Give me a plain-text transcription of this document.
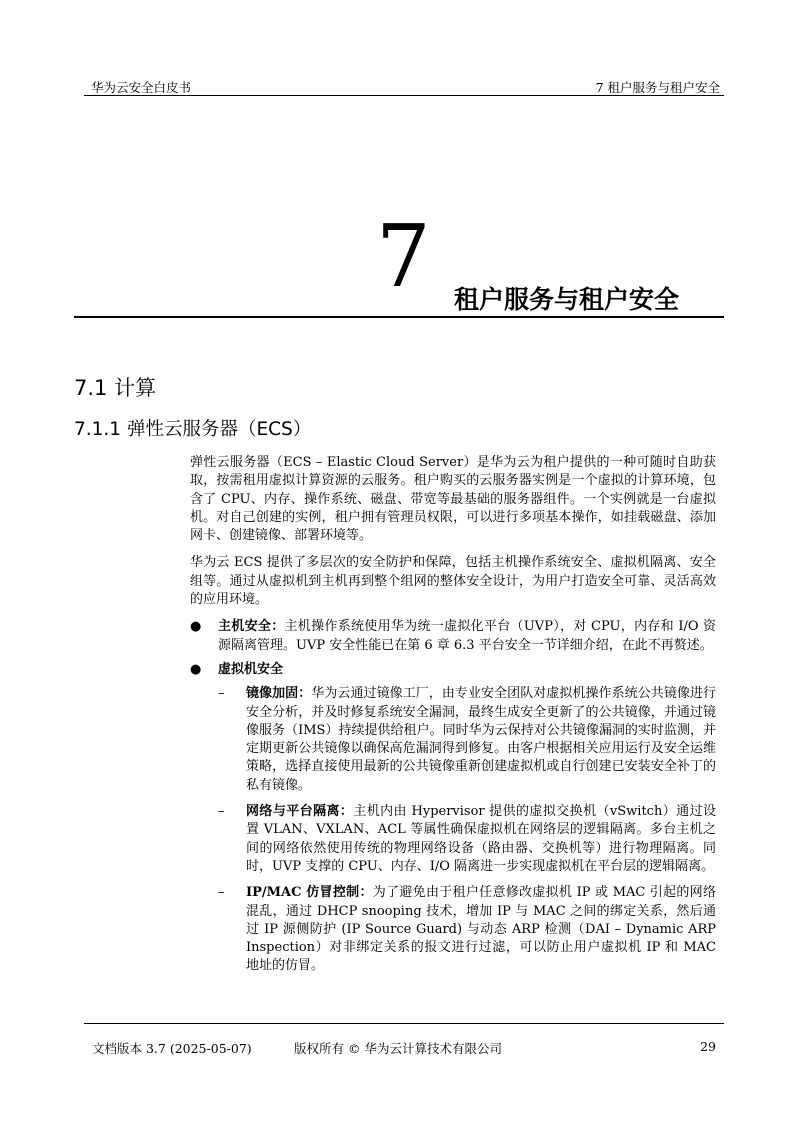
华为云安全白皮书	7 租户服务与租户安全
7 租户服务与租户安全
7.1 计算
7.1.1 弹性云服务器（ECS）

弹性云服务器（ECS – Elastic Cloud Server）是华为云为租户提供的一种可随时自助获取，按需租用虚拟计算资源的云服务。租户购买的云服务器实例是一个虚拟的计算环境，包含了 CPU、内存、操作系统、磁盘、带宽等最基础的服务器组件。一个实例就是一台虚拟机。对自己创建的实例，租户拥有管理员权限，可以进行多项基本操作，如挂载磁盘、添加网卡、创建镜像、部署环境等。

华为云 ECS 提供了多层次的安全防护和保障，包括主机操作系统安全、虚拟机隔离、安全组等。通过从虚拟机到主机再到整个组网的整体安全设计，为用户打造安全可靠、灵活高效的应用环境。

● 主机安全：主机操作系统使用华为统一虚拟化平台（UVP），对 CPU，内存和 I/O 资源隔离管理。UVP 安全性能已在第 6 章 6.3 平台安全一节详细介绍，在此不再赘述。
● 虚拟机安全
– 镜像加固：华为云通过镜像工厂，由专业安全团队对虚拟机操作系统公共镜像进行安全分析，并及时修复系统安全漏洞，最终生成安全更新了的公共镜像，并通过镜像服务（IMS）持续提供给租户。同时华为云保持对公共镜像漏洞的实时监测，并定期更新公共镜像以确保高危漏洞得到修复。由客户根据相关应用运行及安全运维策略，选择直接使用最新的公共镜像重新创建虚拟机或自行创建已安装安全补丁的私有镜像。
– 网络与平台隔离：主机内由 Hypervisor 提供的虚拟交换机（vSwitch）通过设置 VLAN、VXLAN、ACL 等属性确保虚拟机在网络层的逻辑隔离。多台主机之间的网络依然使用传统的物理网络设备（路由器、交换机等）进行物理隔离。同时，UVP 支撑的 CPU、内存、I/O 隔离进一步实现虚拟机在平台层的逻辑隔离。
– IP/MAC 仿冒控制：为了避免由于租户任意修改虚拟机 IP 或 MAC 引起的网络混乱，通过 DHCP snooping 技术，增加 IP 与 MAC 之间的绑定关系，然后通过 IP 源侧防护 (IP Source Guard) 与动态 ARP 检测（DAI – Dynamic ARP Inspection）对非绑定关系的报文进行过滤，可以防止用户虚拟机 IP 和 MAC 地址的仿冒。
文档版本 3.7 (2025-05-07)	版权所有 © 华为云计算技术有限公司	29
